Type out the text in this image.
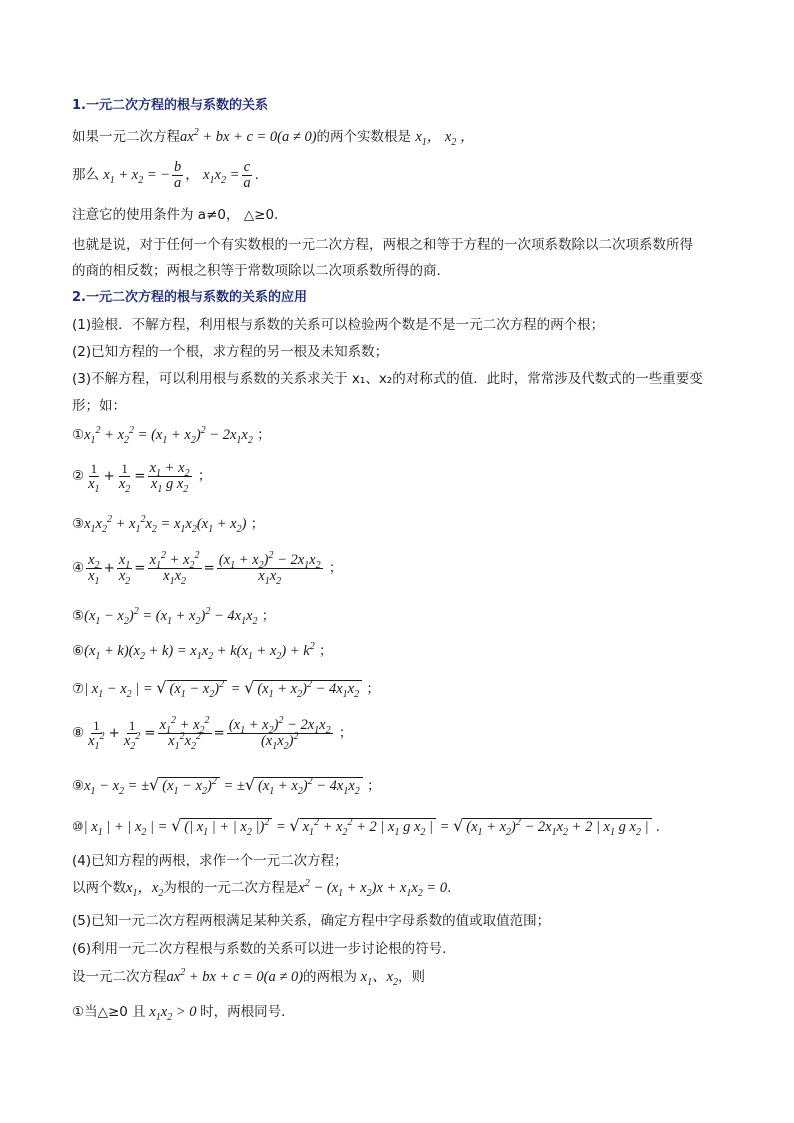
1.一元二次方程的根与系数的关系
如果一元二次方程$ax^2$ + bx + c = 0(a ≠ 0)的两个实数根是 $x_1$， $x_2$ ，
那么 $x_1 + x_2$ = − $\frac{b}{a}$ ， $x_1x_2 = \frac{c}{a}$ .
注意它的使用条件为 a≠0， △≥0.
也就是说，对于任何一个有实数根的一元二次方程，两根之和等于方程的一次项系数除以二次项系数所得
的商的相反数；两根之积等于常数项除以二次项系数所得的商.
2.一元二次方程的根与系数的关系的应用
(1)验根．不解方程，利用根与系数的关系可以检验两个数是不是一元二次方程的两个根；
(2)已知方程的一个根，求方程的另一根及未知系数；
(3)不解方程，可以利用根与系数的关系求关于 x₁、x₂的对称式的值．此时，常常涉及代数式的一些重要变
形；如：
$①x_1^2 + x_2^2 = (x_1 + x_2)^2 - 2x_1x_2$ ；
② $\frac{1}{x_1} + \frac{1}{x_2} = \frac{x_1 + x_2}{x_1 g x_2}$ ；
$③x_1x_2^2 + x_1^2x_2 = x_1x_2(x_1 + x_2)$ ；
④ $\frac{x_2}{x_1} + \frac{x_1}{x_2} = \frac{x_1^2 + x_2^2}{x_1x_2} = \frac{(x_1 + x_2)^2 - 2x_1x_2}{x_1x_2}$ ；
$⑤(x_1 - x_2)^2 = (x_1 + x_2)^2 - 4x_1x_2$ ；
$⑥(x_1 + k)(x_2 + k) = x_1x_2 + k(x_1 + x_2) + k^2$ ；
⑦| $x_1 - x_2$ | = √ $(x_1 - x_2)^2$ = √ $(x_1 + x_2)^2 - 4x_1x_2$ ；
⑧ $\frac{1}{x_1^2} + \frac{1}{x_2^2} = \frac{x_1^2 + x_2^2}{x_1^2x_2^2} = \frac{(x_1 + x_2)^2 - 2x_1x_2}{(x_1x_2)^2}$ ；
$⑨x_1 - x_2$ = ±√ $(x_1 - x_2)^2$ = ±√ $(x_1 + x_2)^2 - 4x_1x_2$ ；
⑩| $x_1$ | + | $x_2$ | = √ (| $x_1$ | + | $x_2$ |)$^2$ = √ $x_1^2 + x_2^2 + 2$ | $x_1$ g $x_2$ | = √ $(x_1 + x_2)^2 - 2x_1x_2 + 2$ | $x_1$ g $x_2$ | .
(4)已知方程的两根，求作一个一元二次方程；
以两个数$x_1$，$x_2$为根的一元二次方程是$x^2 - (x_1 + x_2)x + x_1x_2 = 0$.
(5)已知一元二次方程两根满足某种关系，确定方程中字母系数的值或取值范围；
(6)利用一元二次方程根与系数的关系可以进一步讨论根的符号.
设一元二次方程$ax^2$ + bx + c = 0(a ≠ 0)的两根为 $x_1$、$x_2$，则
①当△≥0 且 $x_1x_2 > 0$ 时，两根同号．
